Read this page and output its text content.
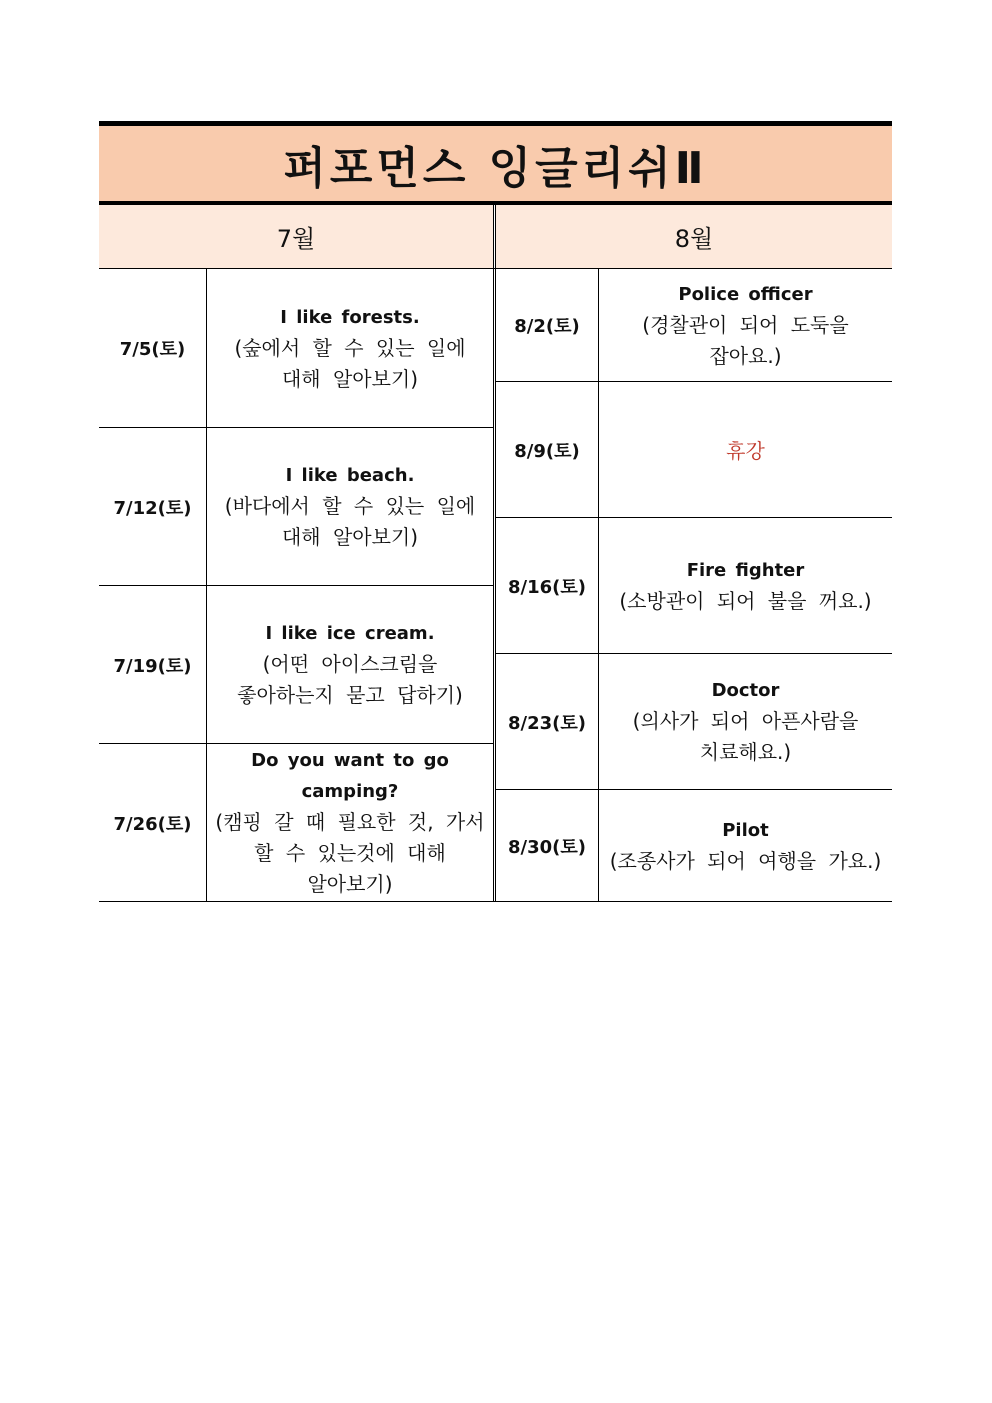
퍼포먼스 잉글리쉬Ⅱ
7월	8월
7/5(토)
I like forests.
(숲에서 할 수 있는 일에
대해 알아보기)
7/12(토)
I like beach.
(바다에서 할 수 있는 일에
대해 알아보기)
7/19(토)
I like ice cream.
(어떤 아이스크림을
좋아하는지 묻고 답하기)
7/26(토)
Do you want to go
camping?
(캠핑 갈 때 필요한 것, 가서
할 수 있는것에 대해
알아보기)
8/2(토)
Police officer
(경찰관이 되어 도둑을
잡아요.)
8/9(토)	휴강
8/16(토)
Fire fighter
(소방관이 되어 불을 꺼요.)
8/23(토)
Doctor
(의사가 되어 아픈사람을
치료해요.)
8/30(토)
Pilot
(조종사가 되어 여행을 가요.)
